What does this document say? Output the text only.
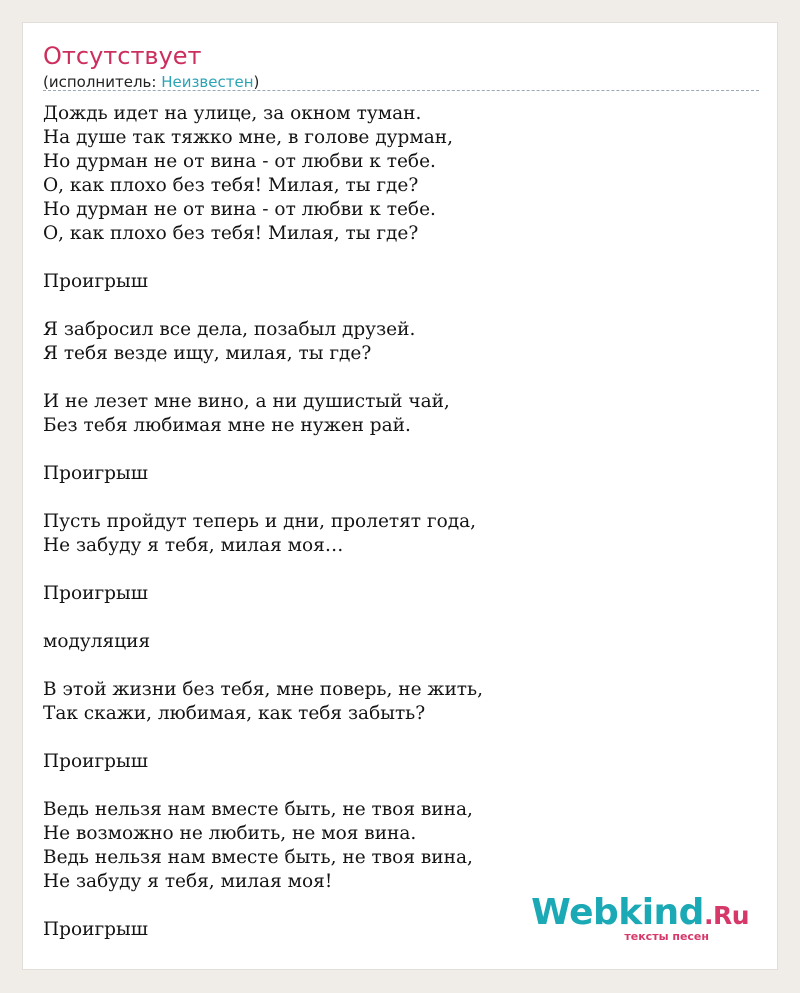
Отсутствует
(исполнитель: Неизвестен)
Дождь идет на улице, за окном туман.
На душе так тяжко мне, в голове дурман,
Но дурман не от вина - от любви к тебе.
О, как плохо без тебя! Милая, ты где?
Но дурман не от вина - от любви к тебе.
О, как плохо без тебя! Милая, ты где?
Проигрыш
Я забросил все дела, позабыл друзей.
Я тебя везде ищу, милая, ты где?
И не лезет мне вино, а ни душистый чай,
Без тебя любимая мне не нужен рай.
Проигрыш
Пусть пройдут теперь и дни, пролетят года,
Не забуду я тебя, милая моя…
Проигрыш
модуляция
В этой жизни без тебя, мне поверь, не жить,
Так скажи, любимая, как тебя забыть?
Проигрыш
Ведь нельзя нам вместе быть, не твоя вина,
Не возможно не любить, не моя вина.
Ведь нельзя нам вместе быть, не твоя вина,
Не забуду я тебя, милая моя!
Проигрыш	Webkind.Ru
тексты песен
